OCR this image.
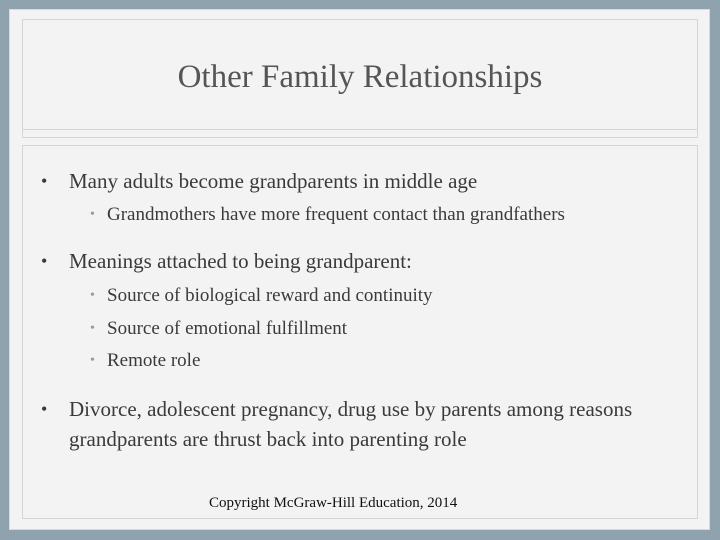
Other Family Relationships
• Many adults become grandparents in middle age
• Grandmothers have more frequent contact than grandfathers
• Meanings attached to being grandparent:
• Source of biological reward and continuity
• Source of emotional fulfillment
• Remote role
• Divorce, adolescent pregnancy, drug use by parents among reasons grandparents are thrust back into parenting role
Copyright McGraw-Hill Education, 2014
